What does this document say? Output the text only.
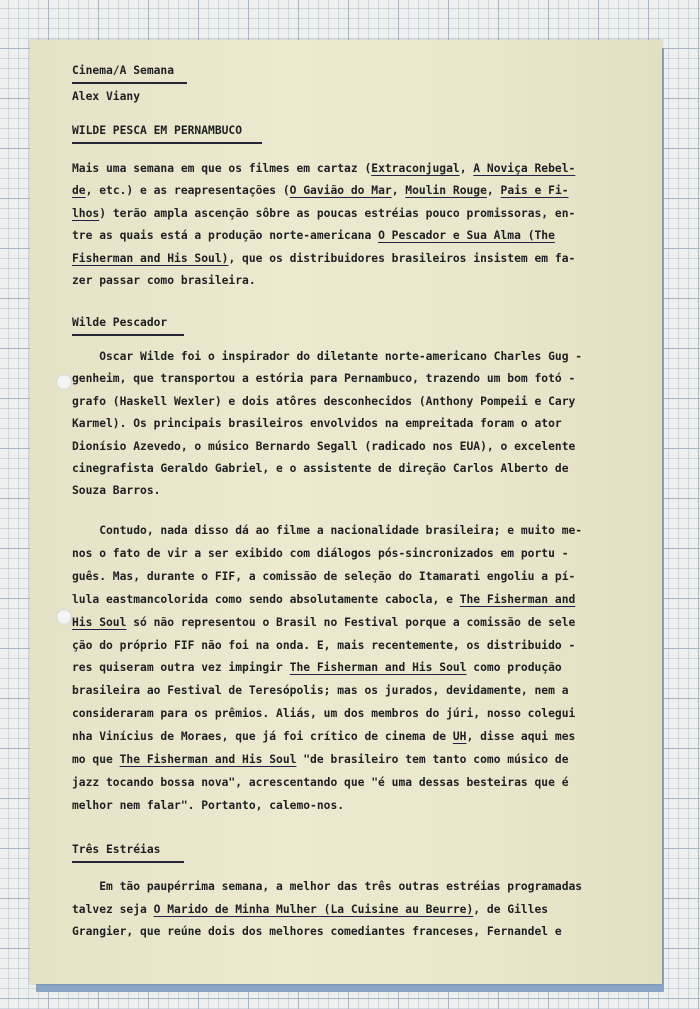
Cinema/A Semana

Alex Viany

WILDE PESCA EM PERNAMBUCO

Mais uma semana em que os filmes em cartaz (Extraconjugal, A Noviça Rebel-

de, etc.) e as reapresentações (O Gavião do Mar, Moulin Rouge, Pais e Fi-

lhos) terão ampla ascenção sôbre as poucas estréias pouco promissoras, en-

tre as quais está a produção norte-americana O Pescador e Sua Alma (The

Fisherman and His Soul), que os distribuidores brasileiros insistem em fa-

zer passar como brasileira.

Wilde Pescador

Oscar Wilde foi o inspirador do diletante norte-americano Charles Gug -

genheim, que transportou a estória para Pernambuco, trazendo um bom fotó -

grafo (Haskell Wexler) e dois atôres desconhecidos (Anthony Pompeii e Cary

Karmel). Os principais brasileiros envolvidos na empreitada foram o ator

Dionísio Azevedo, o músico Bernardo Segall (radicado nos EUA), o excelente

cinegrafista Geraldo Gabriel, e o assistente de direção Carlos Alberto de

Souza Barros.

Contudo, nada disso dá ao filme a nacionalidade brasileira; e muito me-

nos o fato de vir a ser exibido com diálogos pós-sincronizados em portu -

guês. Mas, durante o FIF, a comissão de seleção do Itamarati engoliu a pí-

lula eastmancolorida como sendo absolutamente cabocla, e The Fisherman and

His Soul só não representou o Brasil no Festival porque a comissão de sele

ção do próprio FIF não foi na onda. E, mais recentemente, os distribuido -

res quiseram outra vez impingir The Fisherman and His Soul como produção

brasileira ao Festival de Teresópolis; mas os jurados, devidamente, nem a

consideraram para os prêmios. Aliás, um dos membros do júri, nosso colegui

nha Vinícius de Moraes, que já foi crítico de cinema de UH, disse aqui mes

mo que The Fisherman and His Soul "de brasileiro tem tanto como músico de

jazz tocando bossa nova", acrescentando que "é uma dessas besteiras que é

melhor nem falar". Portanto, calemo-nos.

Três Estréias

Em tão paupérrima semana, a melhor das três outras estréias programadas

talvez seja O Marido de Minha Mulher (La Cuisine au Beurre), de Gilles

Grangier, que reúne dois dos melhores comediantes franceses, Fernandel e
